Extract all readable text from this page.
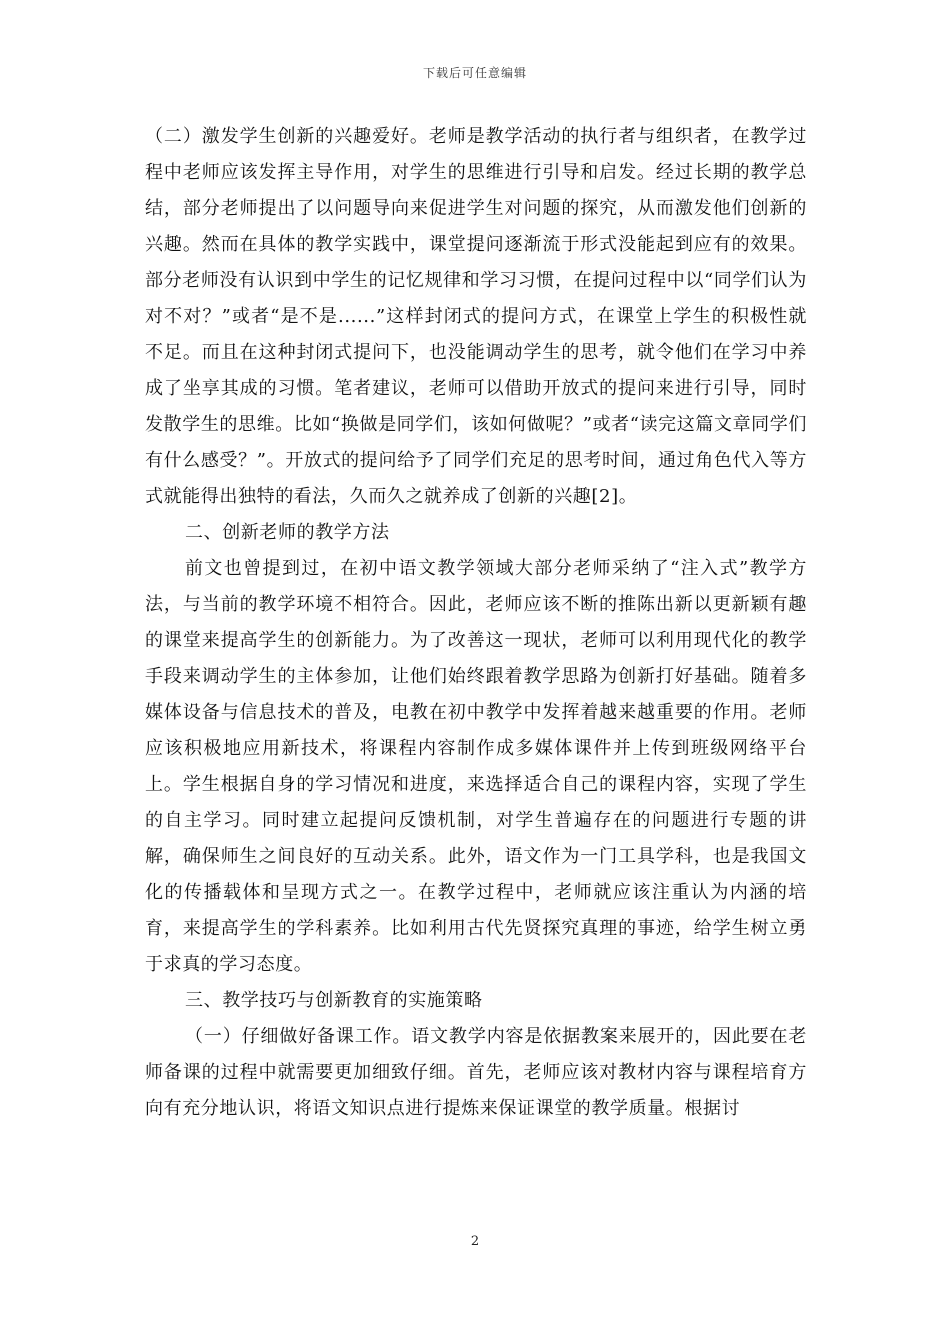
下载后可任意编辑

（二）激发学生创新的兴趣爱好。老师是教学活动的执行者与组织者，在教学过程中老师应该发挥主导作用，对学生的思维进行引导和启发。经过长期的教学总结，部分老师提出了以问题导向来促进学生对问题的探究，从而激发他们创新的兴趣。然而在具体的教学实践中，课堂提问逐渐流于形式没能起到应有的效果。部分老师没有认识到中学生的记忆规律和学习习惯，在提问过程中以“同学们认为对不对？”或者“是不是......”这样封闭式的提问方式，在课堂上学生的积极性就不足。而且在这种封闭式提问下，也没能调动学生的思考，就令他们在学习中养成了坐享其成的习惯。笔者建议，老师可以借助开放式的提问来进行引导，同时发散学生的思维。比如“换做是同学们，该如何做呢？”或者“读完这篇文章同学们有什么感受？”。开放式的提问给予了同学们充足的思考时间，通过角色代入等方式就能得出独特的看法，久而久之就养成了创新的兴趣[2]。

二、创新老师的教学方法

前文也曾提到过，在初中语文教学领域大部分老师采纳了“注入式”教学方法，与当前的教学环境不相符合。因此，老师应该不断的推陈出新以更新颖有趣的课堂来提高学生的创新能力。为了改善这一现状，老师可以利用现代化的教学手段来调动学生的主体参加，让他们始终跟着教学思路为创新打好基础。随着多媒体设备与信息技术的普及，电教在初中教学中发挥着越来越重要的作用。老师应该积极地应用新技术，将课程内容制作成多媒体课件并上传到班级网络平台上。学生根据自身的学习情况和进度，来选择适合自己的课程内容，实现了学生的自主学习。同时建立起提问反馈机制，对学生普遍存在的问题进行专题的讲解，确保师生之间良好的互动关系。此外，语文作为一门工具学科，也是我国文化的传播载体和呈现方式之一。在教学过程中，老师就应该注重认为内涵的培育，来提高学生的学科素养。比如利用古代先贤探究真理的事迹，给学生树立勇于求真的学习态度。

三、教学技巧与创新教育的实施策略

（一）仔细做好备课工作。语文教学内容是依据教案来展开的，因此要在老师备课的过程中就需要更加细致仔细。首先，老师应该对教材内容与课程培育方向有充分地认识，将语文知识点进行提炼来保证课堂的教学质量。根据讨

2
